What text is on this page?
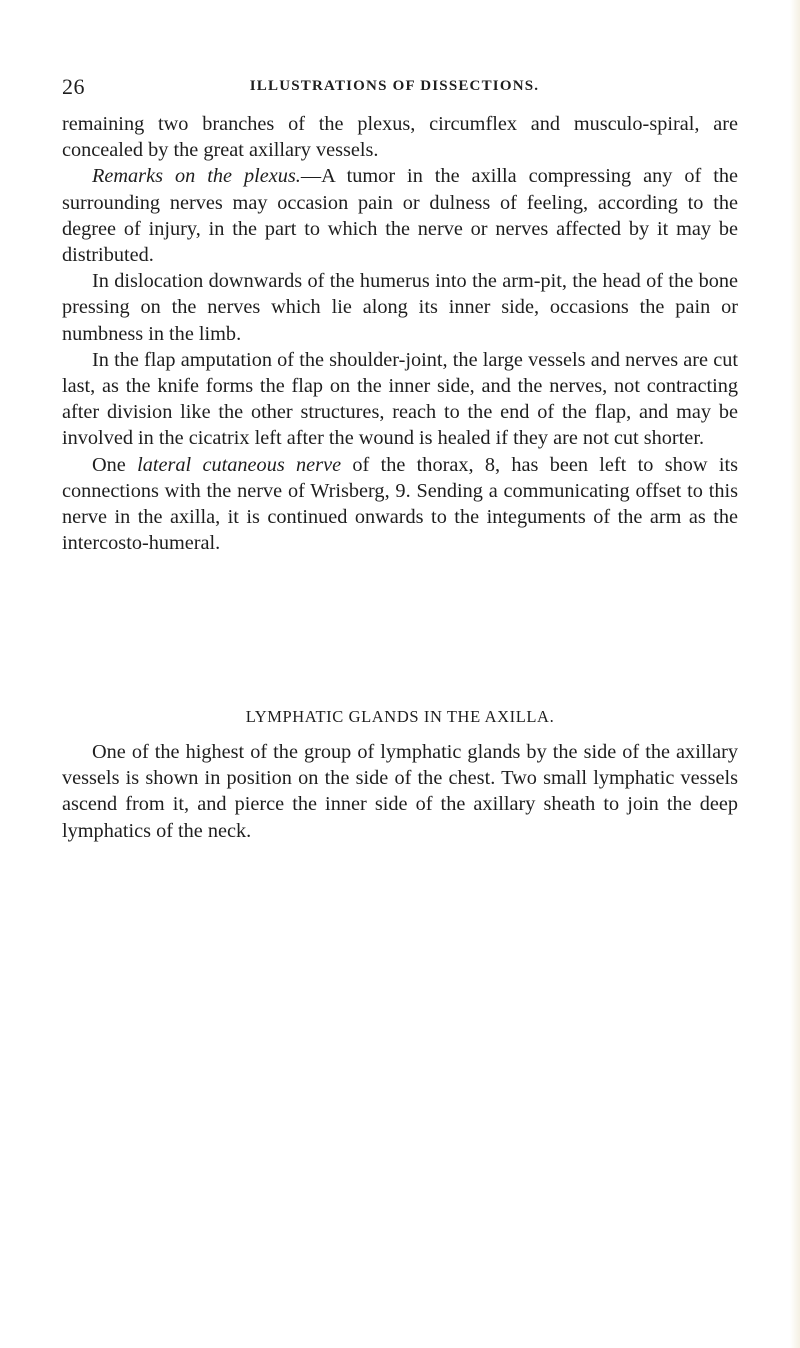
26	ILLUSTRATIONS OF DISSECTIONS.

remaining two branches of the plexus, circumflex and musculo-spiral, are concealed by the great axillary vessels.

Remarks on the plexus.—A tumor in the axilla compressing any of the surrounding nerves may occasion pain or dulness of feeling, according to the degree of injury, in the part to which the nerve or nerves affected by it may be distributed.

In dislocation downwards of the humerus into the arm-pit, the head of the bone pressing on the nerves which lie along its inner side, occasions the pain or numbness in the limb.

In the flap amputation of the shoulder-joint, the large vessels and nerves are cut last, as the knife forms the flap on the inner side, and the nerves, not contracting after division like the other structures, reach to the end of the flap, and may be involved in the cicatrix left after the wound is healed if they are not cut shorter.

One lateral cutaneous nerve of the thorax, 8, has been left to show its connections with the nerve of Wrisberg, 9. Sending a communicating offset to this nerve in the axilla, it is continued onwards to the integuments of the arm as the intercosto-humeral.

LYMPHATIC GLANDS IN THE AXILLA.

One of the highest of the group of lymphatic glands by the side of the axillary vessels is shown in position on the side of the chest. Two small lymphatic vessels ascend from it, and pierce the inner side of the axillary sheath to join the deep lymphatics of the neck.
